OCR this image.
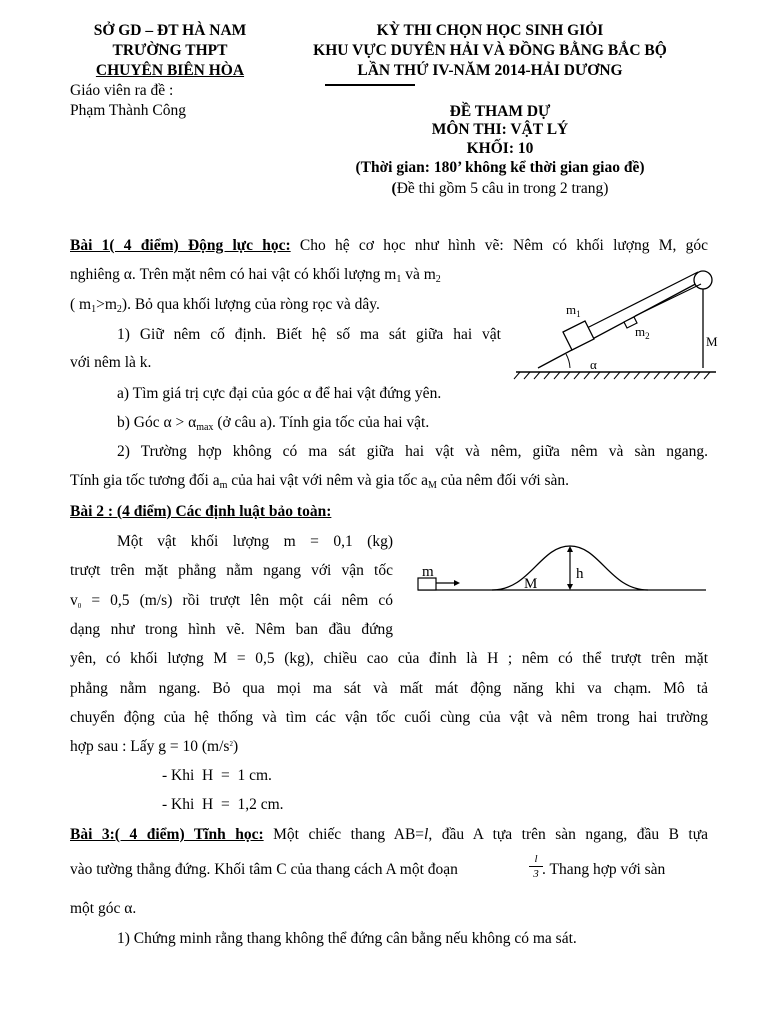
SỞ GD – ĐT HÀ NAM
TRƯỜNG THPT
CHUYÊN BIÊN HÒA
KỲ THI CHỌN HỌC SINH GIỎI
KHU VỰC DUYÊN HẢI VÀ ĐỒNG BẰNG BẮC BỘ
LẦN THỨ IV-NĂM 2014-HẢI DƯƠNG
Giáo viên ra đề :
Phạm Thành Công	ĐỀ THAM DỰ
MÔN THI: VẬT LÝ
KHỐI: 10
(Thời gian: 180’ không kể thời gian giao đề)
(Đề thi gồm 5 câu in trong 2 trang)
Bài 1( 4 điểm) Động lực học: Cho hệ cơ học như hình vẽ: Nêm có khối lượng M, góc
nghiêng α. Trên mặt nêm có hai vật có khối lượng $m_1$ và $m_2$
( $m_1>m_2$). Bỏ qua khối lượng của ròng rọc và dây.
1) Giữ nêm cố định. Biết hệ số ma sát giữa hai vật
với nêm là k.
a) Tìm giá trị cực đại của góc α để hai vật đứng yên.
b) Góc $\alpha > \alpha_{max}$ (ở câu a). Tính gia tốc của hai vật.
2) Trường hợp không có ma sát giữa hai vật và nêm, giữa nêm và sàn ngang.
Tính gia tốc tương đối $a_m$ của hai vật với nêm và gia tốc $a_M$ của nêm đối với sàn.
$m_1$
$m_2$	M
α
Bài 2 : (4 điểm) Các định luật bảo toàn:
Một vật khối lượng m = 0,1 (kg)
trượt trên mặt phẳng nằm ngang với vận tốc
$v_0 = 0,5$ (m/s) rồi trượt lên một cái nêm có
dạng như trong hình vẽ. Nêm ban đầu đứng
yên, có khối lượng M = 0,5 (kg), chiều cao của đỉnh là H ; nêm có thể trượt trên mặt
phẳng nằm ngang. Bỏ qua mọi ma sát và mất mát động năng khi va chạm. Mô tả
chuyển động của hệ thống và tìm các vận tốc cuối cùng của vật và nêm trong hai trường
hợp sau : Lấy g = 10 $(m/s^2)$
- Khi  H  =  1 cm.
- Khi  H  =  1,2 cm.
m
M
h
Bài 3:( 4 điểm) Tĩnh học: Một chiếc thang AB=l, đầu A tựa trên sàn ngang, đầu B tựa
vào tường thẳng đứng. Khối tâm C của thang cách A một đoạn	$\frac{l}{3}$ . Thang hợp với sàn
một góc α.
1) Chứng minh rằng thang không thể đứng cân bằng nếu không có ma sát.
